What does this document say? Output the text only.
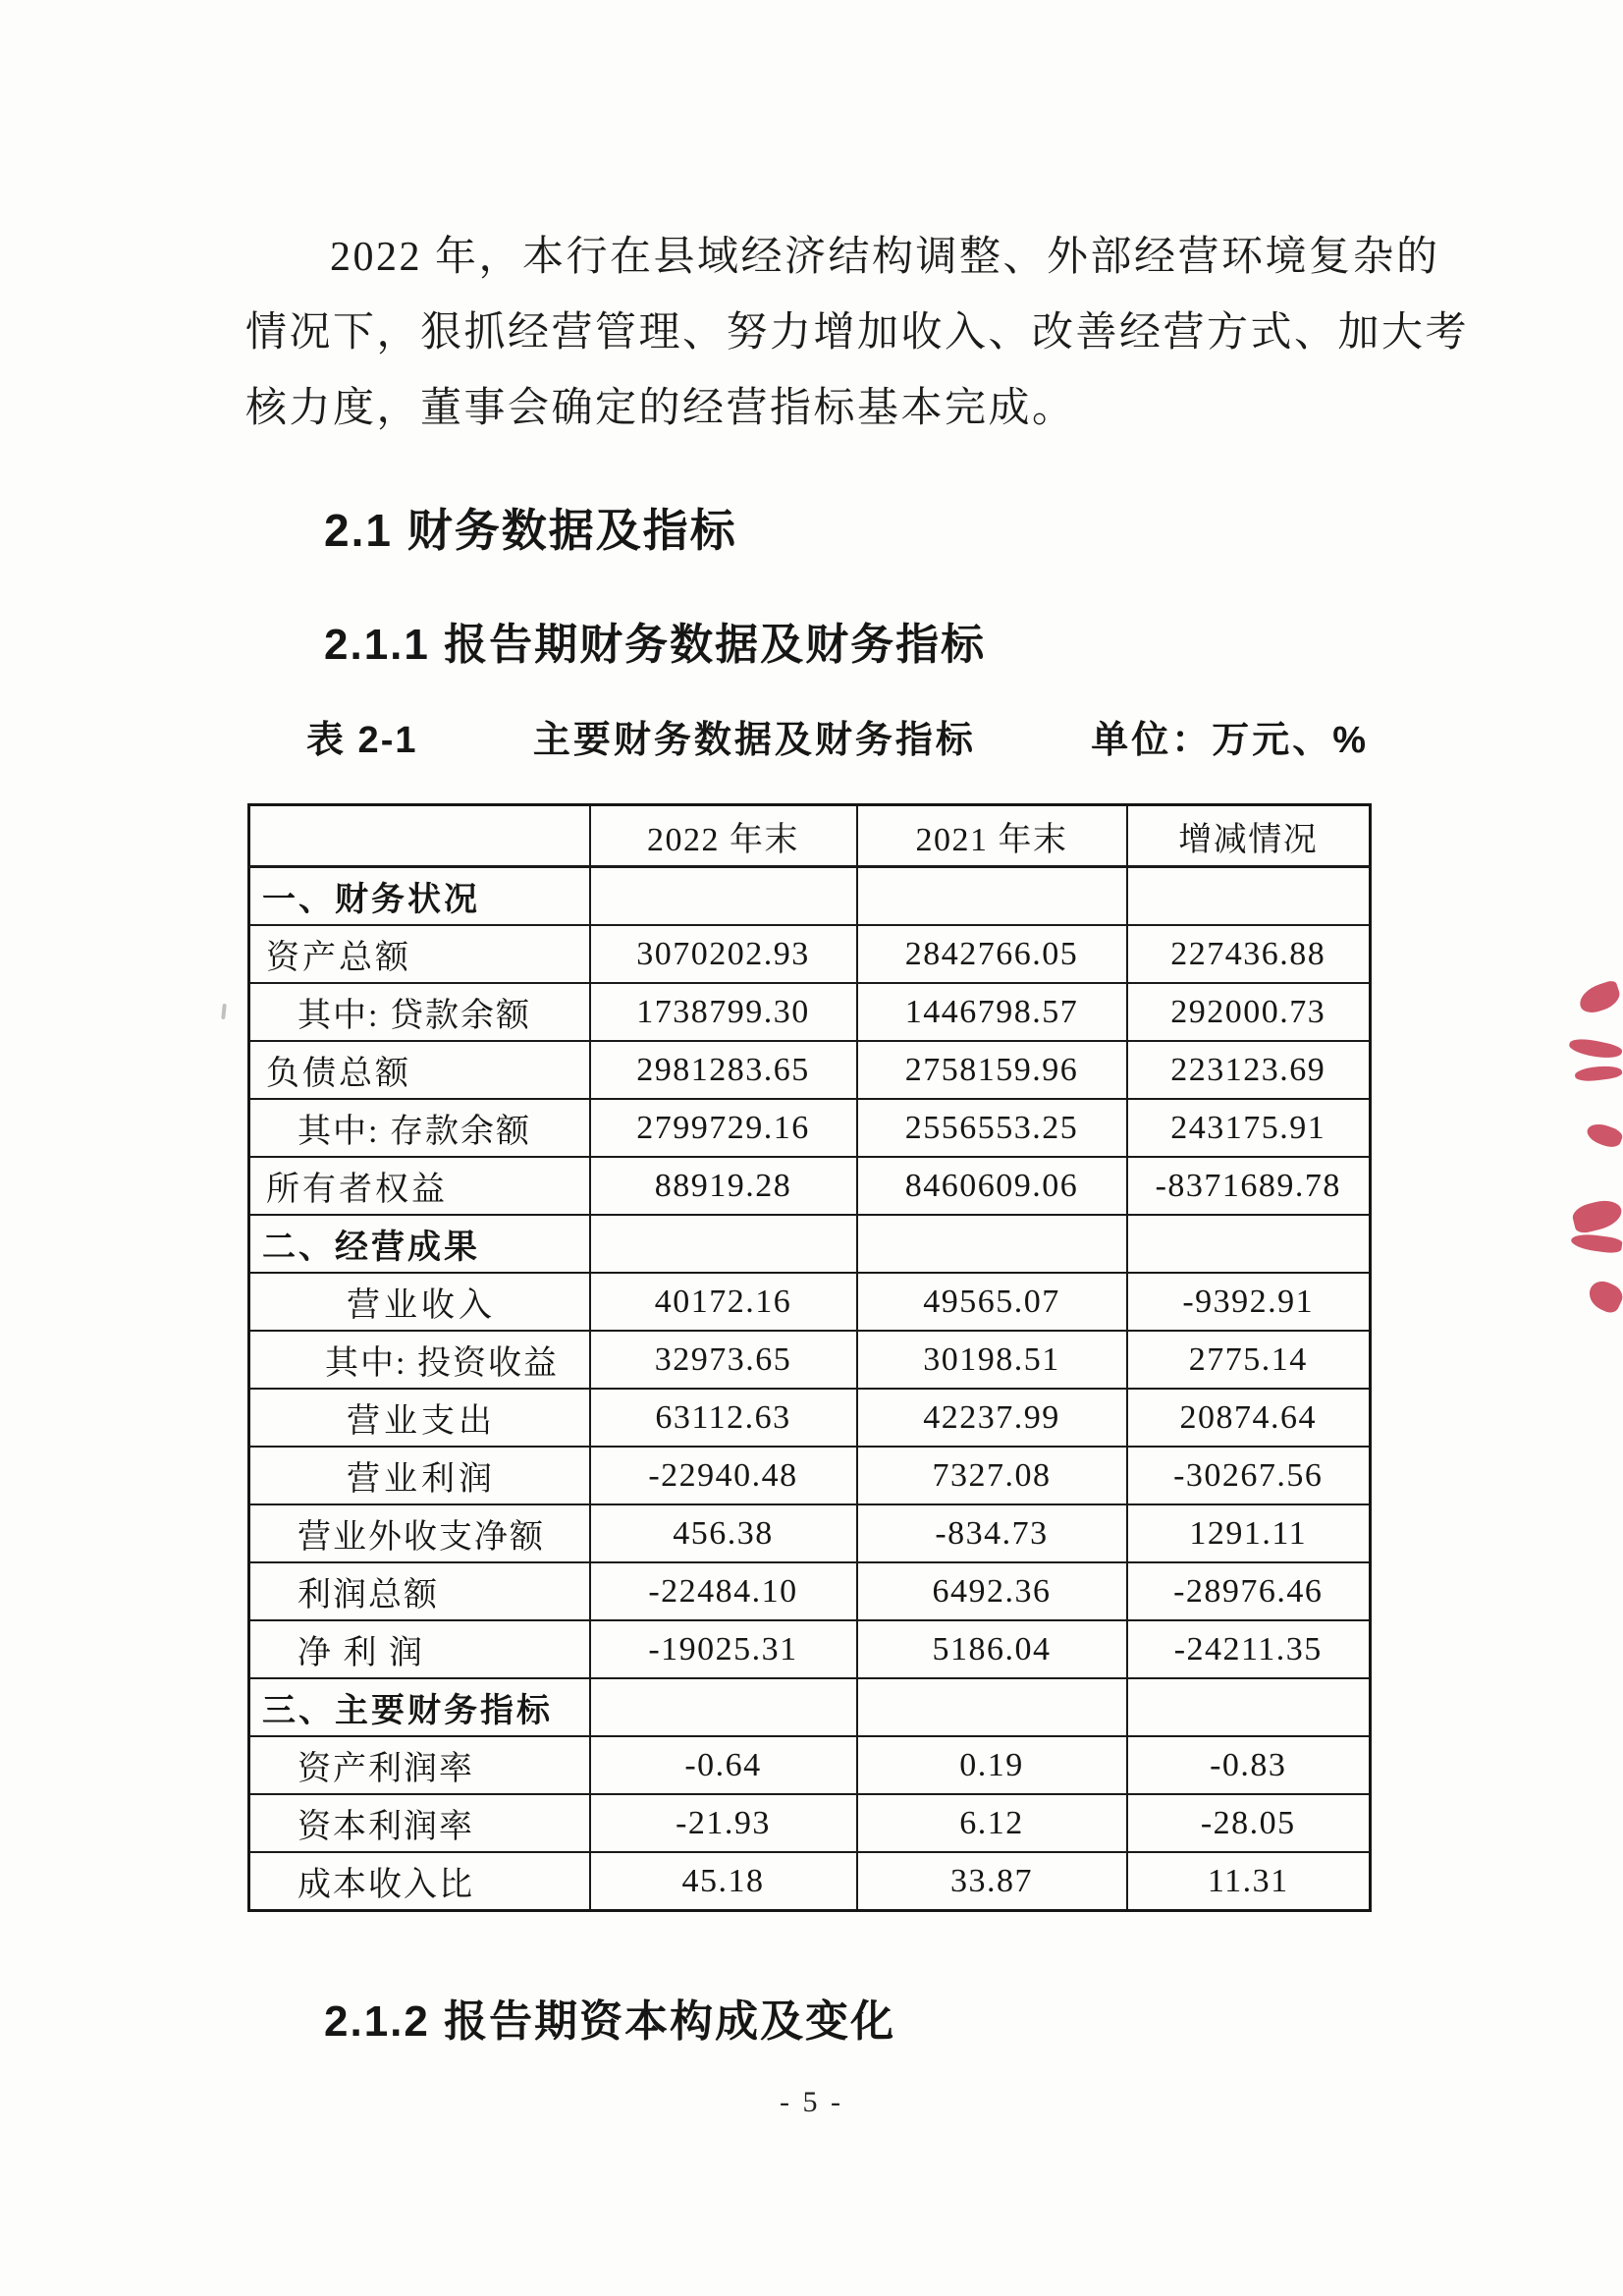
2022 年，本行在县域经济结构调整、外部经营环境复杂的
情况下，狠抓经营管理、努力增加收入、改善经营方式、加大考
核力度，董事会确定的经营指标基本完成。
2.1 财务数据及指标
2.1.1 报告期财务数据及财务指标
表 2-1	主要财务数据及财务指标	单位：万元、%
	2022 年末	2021 年末	增减情况
一、财务状况			
资产总额	3070202.93	2842766.05	227436.88
其中: 贷款余额	1738799.30	1446798.57	292000.73
负债总额	2981283.65	2758159.96	223123.69
其中: 存款余额	2799729.16	2556553.25	243175.91
所有者权益	88919.28	8460609.06	-8371689.78
二、经营成果			
营业收入	40172.16	49565.07	-9392.91
其中: 投资收益	32973.65	30198.51	2775.14
营业支出	63112.63	42237.99	20874.64
营业利润	-22940.48	7327.08	-30267.56
营业外收支净额	456.38	-834.73	1291.11
利润总额	-22484.10	6492.36	-28976.46
净 利 润	-19025.31	5186.04	-24211.35
三、主要财务指标			
资产利润率	-0.64	0.19	-0.83
资本利润率	-21.93	6.12	-28.05
成本收入比	45.18	33.87	11.31
2.1.2 报告期资本构成及变化
- 5 -
